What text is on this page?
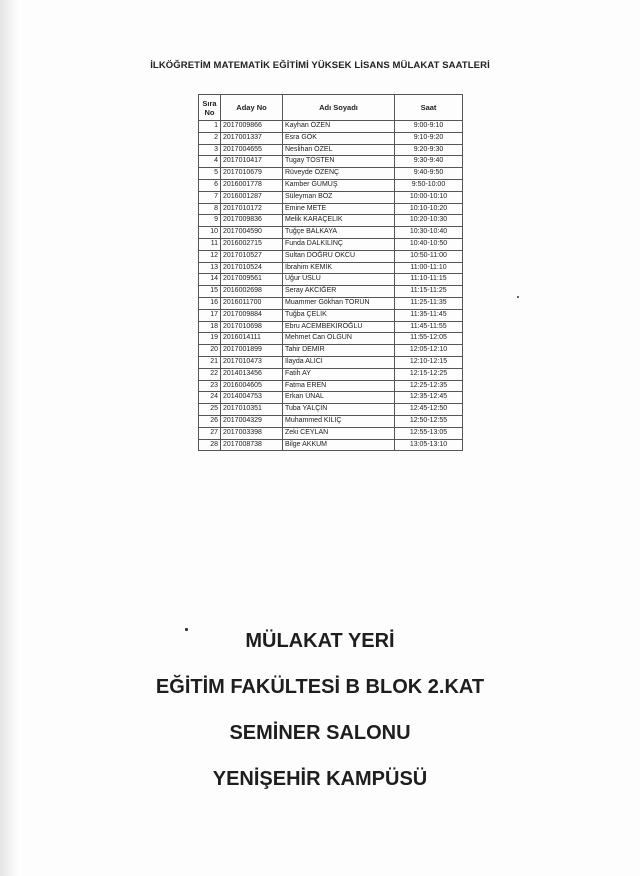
İLKÖĞRETİM MATEMATİK EĞİTİMİ YÜKSEK LİSANS MÜLAKAT SAATLERİ
Sıra No	Aday No	Adı Soyadı	Saat
1	2017009866	Kayhan ÖZEN	9:00-9:10
2	2017001337	Esra GÖK	9:10-9:20
3	2017004655	Neslihan ÖZEL	9:20-9:30
4	2017010417	Tugay TÖSTEN	9:30-9:40
5	2017010679	Rüveyde ÖZENÇ	9:40-9:50
6	2016001778	Kamber GÜMÜŞ	9:50-10:00
7	2016001287	Süleyman BOZ	10:00-10:10
8	2017010172	Emine METE	10:10-10:20
9	2017009836	Melik KARAÇELİK	10:20-10:30
10	2017004590	Tuğçe BALKAYA	10:30-10:40
11	2016002715	Funda DALKILINÇ	10:40-10:50
12	2017010527	Sultan DOĞRU OKCU	10:50-11:00
13	2017010524	İbrahim KEMİK	11:00-11:10
14	2017009561	Uğur USLU	11:10-11:15
15	2016002698	Seray AKCİĞER	11:15-11:25
16	2016011700	Muammer Gökhan TORUN	11:25-11:35
17	2017009884	Tuğba ÇELİK	11:35-11:45
18	2017010698	Ebru ACEMBEKİROĞLU	11:45-11:55
19	2016014111	Mehmet Can OLGUN	11:55-12:05
20	2017001899	Tahir DEMİR	12:05-12:10
21	2017010473	İlayda ALICI	12:10-12:15
22	2014013456	Fatih AY	12:15-12:25
23	2016004605	Fatma EREN	12:25-12:35
24	2014004753	Erkan ÜNAL	12:35-12:45
25	2017010351	Tuba YALÇIN	12:45-12:50
26	2017004329	Muhammed KILIÇ	12:50-12:55
27	2017003398	Zeki CEYLAN	12:55-13:05
28	2017008738	Bilge AKKUM	13:05-13:10
MÜLAKAT YERİ
EĞİTİM FAKÜLTESİ B BLOK 2.KAT
SEMİNER SALONU
YENİŞEHİR KAMPÜSÜ
